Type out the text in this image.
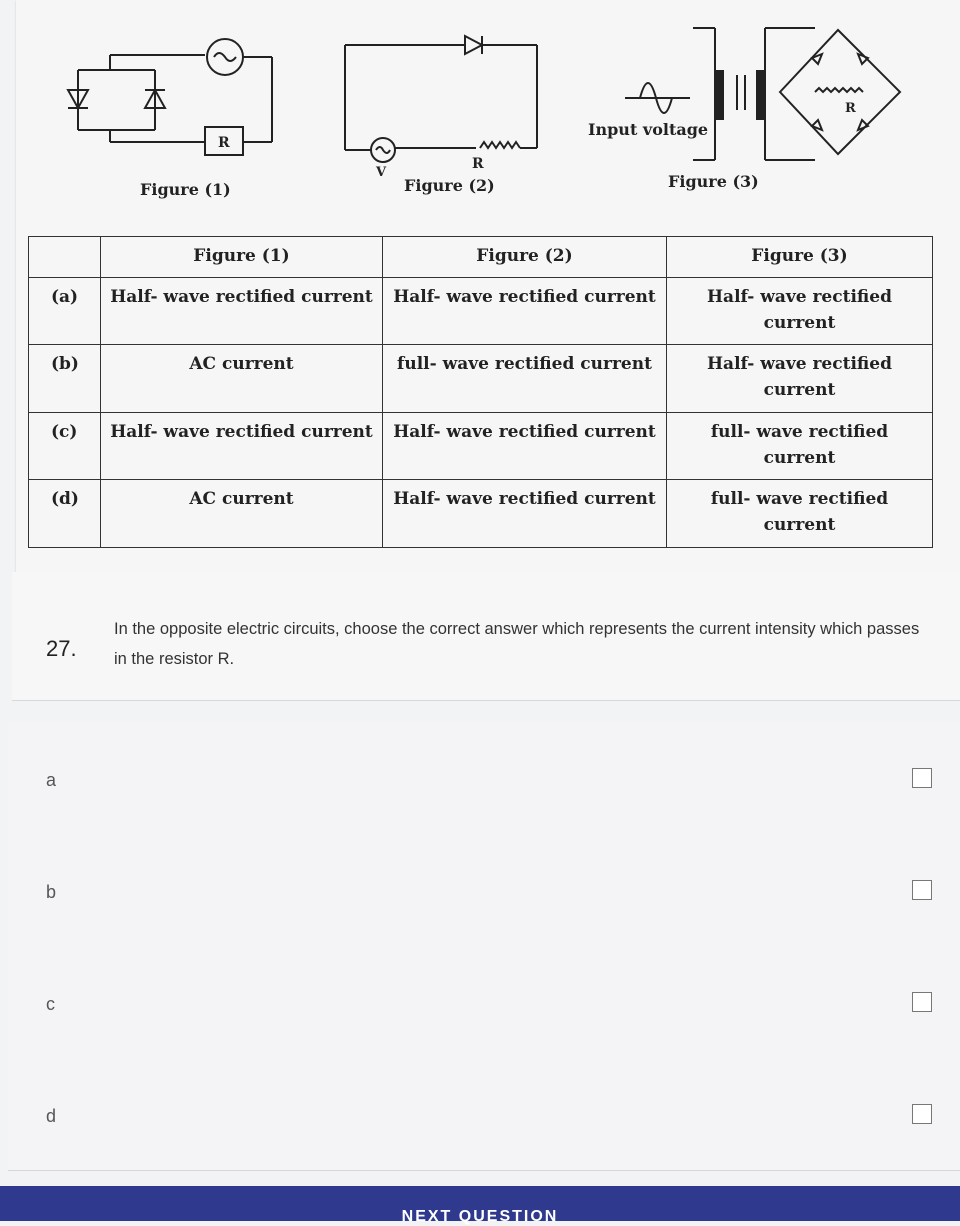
R
R
V
R
Input voltage
Figure (1)	Figure (2)	Figure (3)
	Figure (1)	Figure (2)	Figure (3)
(a)	Half- wave rectified current	Half- wave rectified current	Half- wave rectified current
(b)	AC current	full- wave rectified current	Half- wave rectified current
(c)	Half- wave rectified current	Half- wave rectified current	full- wave rectified current
(d)	AC current	Half- wave rectified current	full- wave rectified current
27.
In the opposite electric circuits, choose the correct answer which represents the current intensity which passes in the resistor R.
a
b
c
d
NEXT QUESTION
